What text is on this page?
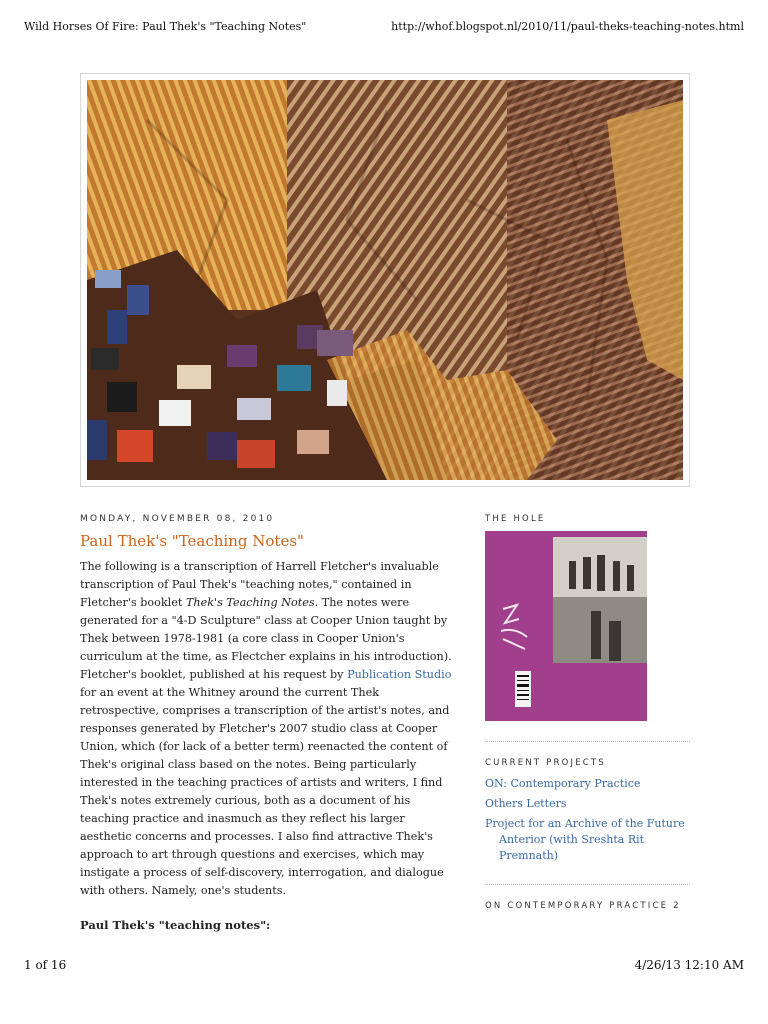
Wild Horses Of Fire: Paul Thek's "Teaching Notes"	http://whof.blogspot.nl/2010/11/paul-theks-teaching-notes.html
MONDAY, NOVEMBER 08, 2010
Paul Thek's "Teaching Notes"

The following is a transcription of Harrell Fletcher's invaluable transcription of Paul Thek's "teaching notes," contained in Fletcher's booklet Thek's Teaching Notes. The notes were generated for a "4-D Sculpture" class at Cooper Union taught by Thek between 1978-1981 (a core class in Cooper Union's curriculum at the time, as Flectcher explains in his introduction). Fletcher's booklet, published at his request by Publication Studio for an event at the Whitney around the current Thek retrospective, comprises a transcription of the artist's notes, and responses generated by Fletcher's 2007 studio class at Cooper Union, which (for lack of a better term) reenacted the content of Thek's original class based on the notes. Being particularly interested in the teaching practices of artists and writers, I find Thek's notes extremely curious, both as a document of his teaching practice and inasmuch as they reflect his larger aesthetic concerns and processes. I also find attractive Thek's approach to art through questions and exercises, which may instigate a process of self-discovery, interrogation, and dialogue with others. Namely, one's students.

Paul Thek's "teaching notes":
THE HOLE
CURRENT PROJECTS
ON: Contemporary Practice
Others Letters
Project for an Archive of the Future Anterior (with Sreshta Rit Premnath)
ON CONTEMPORARY PRACTICE 2
1 of 16	4/26/13 12:10 AM
